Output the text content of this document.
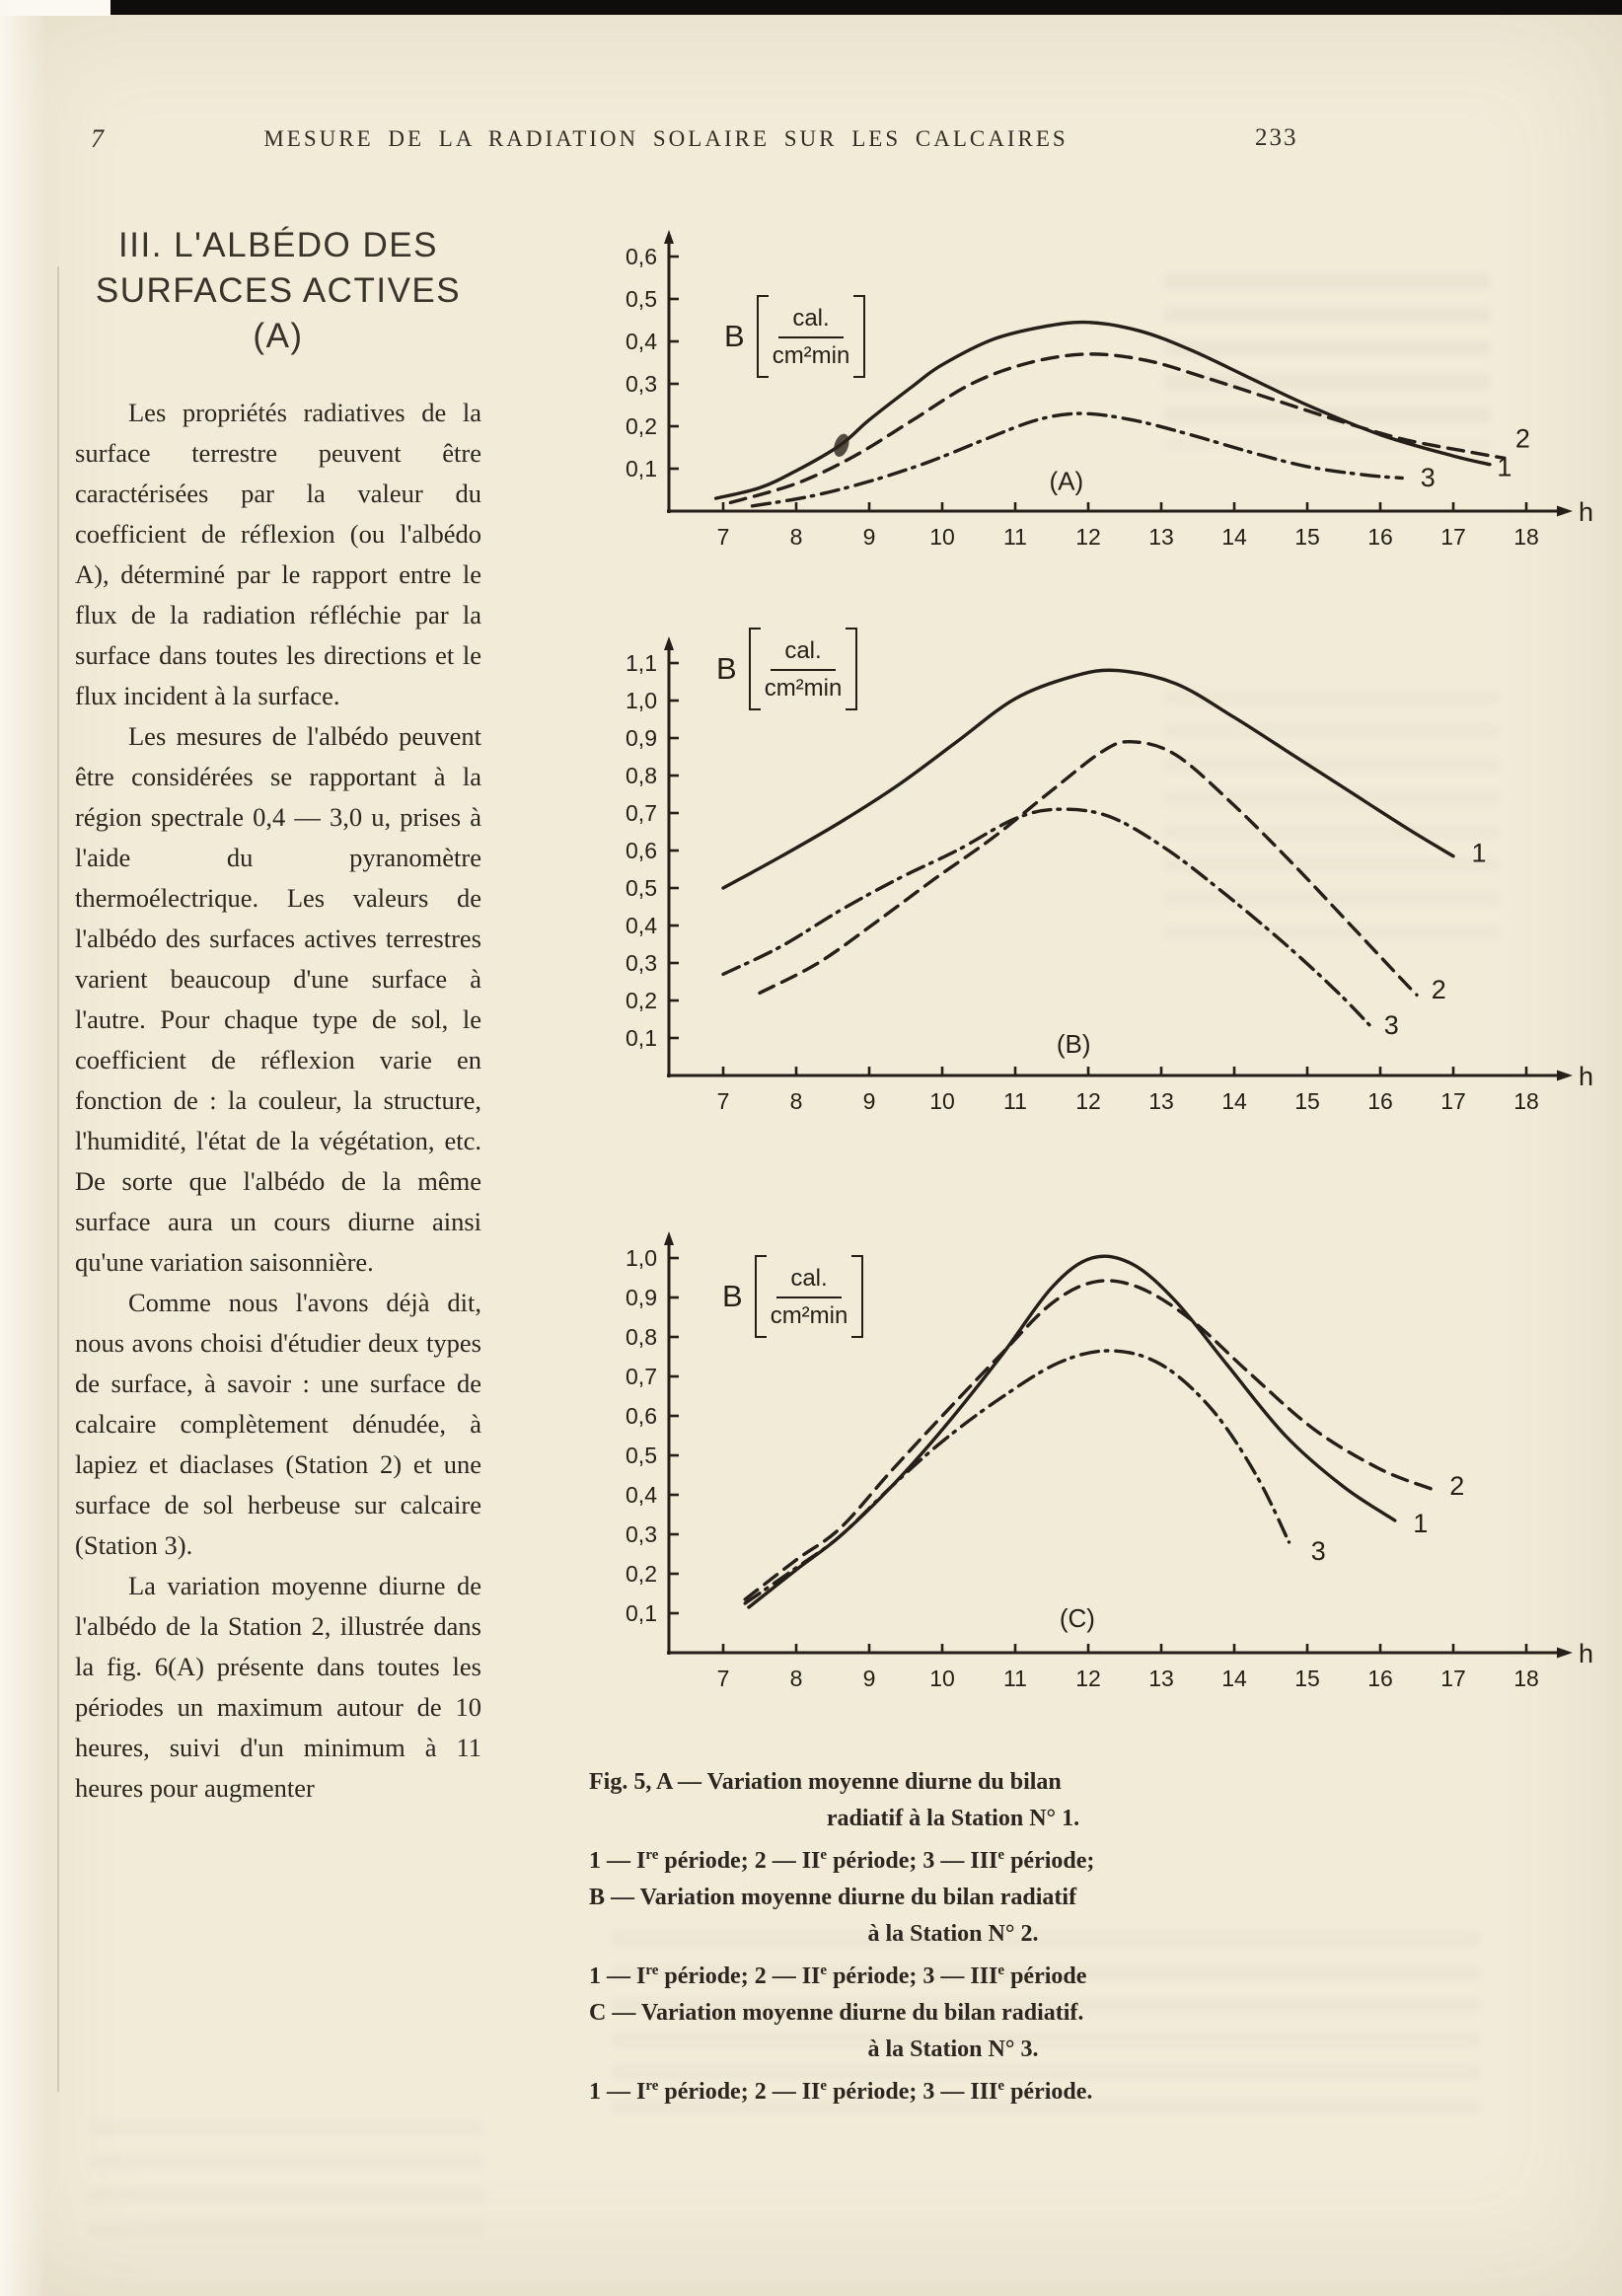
7	MESURE DE LA RADIATION SOLAIRE SUR LES CALCAIRES	233
III. L'ALBÉDO DES
SURFACES ACTIVES (A)

Les propriétés radiatives de la surface terrestre peuvent être caractérisées par la valeur du coefficient de réflexion (ou l'albédo A), déterminé par le rapport entre le flux de la radiation réfléchie par la surface dans toutes les directions et le flux incident à la surface.

Les mesures de l'albédo peuvent être considérées se rapportant à la région spectrale 0,4 — 3,0 u, prises à l'aide du pyranomètre thermoélectrique. Les valeurs de l'albédo des surfaces actives terrestres varient beaucoup d'une surface à l'autre. Pour chaque type de sol, le coefficient de réflexion varie en fonction de : la couleur, la structure, l'humidité, l'état de la végétation, etc. De sorte que l'albédo de la même surface aura un cours diurne ainsi qu'une variation saisonnière.

Comme nous l'avons déjà dit, nous avons choisi d'étudier deux types de surface, à savoir : une surface de calcaire complètement dénudée, à lapiez et diaclases (Station 2) et une surface de sol herbeuse sur calcaire (Station 3).

La variation moyenne diurne de l'albédo de la Station 2, illustrée dans la fig. 6(A) présente dans toutes les périodes un maximum autour de 10 heures, suivi d'un minimum à 11 heures pour augmenter

h
7	8	9 10 11 12 13 14 15 16 17 18
0,6
0,5
0,4
0,3
0,2
0,1	1
2
3
(A)
B $\frac{\text{cal.}}{\text{cm²min}}$
h
7	8	9 10 11 12 13 14 15 16 17 18
1,1
1,0
0,9
0,8
0,7
0,6
0,5
0,4
0,3
0,2
0,1
1
2
3
(B)
B $\frac{\text{cal.}}{\text{cm²min}}$
h
7	8	9 10 11 12 13 14 15 16 17 18
1,0
0,9
0,8
0,7
0,6
0,5
0,4
0,3
0,2
0,1
1
2
3
(C)
B $\frac{\text{cal.}}{\text{cm²min}}$
Fig. 5, A — Variation moyenne diurne du bilan
radiatif à la Station N° 1.
1 — Ire période; 2 — IIe période; 3 — IIIe période;
B — Variation moyenne diurne du bilan radiatif
à la Station N° 2.
1 — Ire période; 2 — IIe période; 3 — IIIe période
C — Variation moyenne diurne du bilan radiatif.
à la Station N° 3.
1 — Ire période; 2 — IIe période; 3 — IIIe période.
